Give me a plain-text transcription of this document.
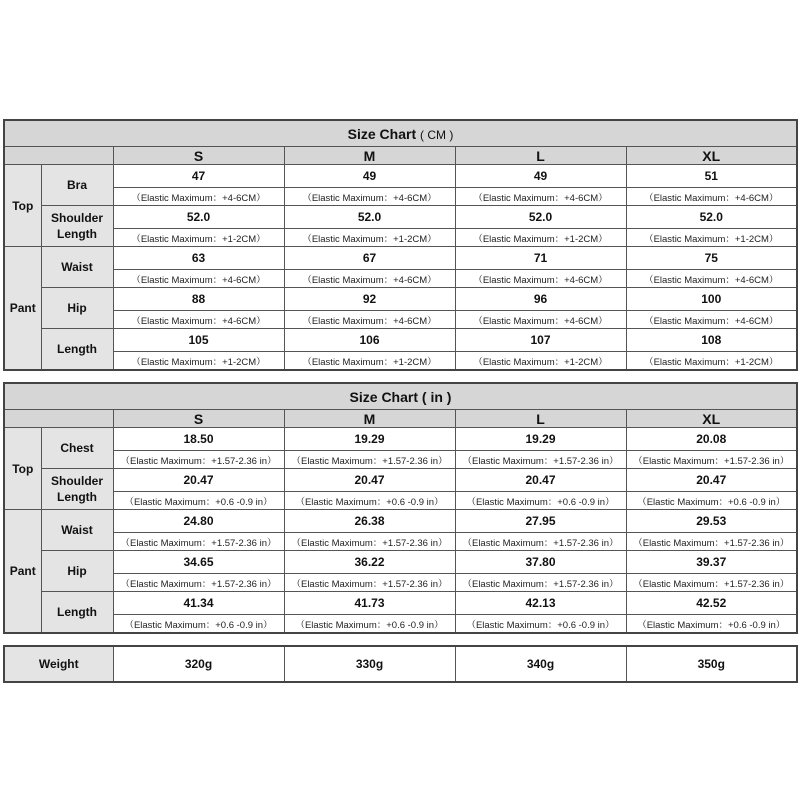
Size Chart ( CM )					
		S	M	L	XL
Top	Bra	47	49	49	51
		（Elastic Maximum：+4-6CM）	（Elastic Maximum：+4-6CM）	（Elastic Maximum：+4-6CM）	（Elastic Maximum：+4-6CM）
	Shoulder Length	52.0	52.0	52.0	52.0
		（Elastic Maximum：+1-2CM）	（Elastic Maximum：+1-2CM）	（Elastic Maximum：+1-2CM）	（Elastic Maximum：+1-2CM）
Pant	Waist	63	67	71	75
		（Elastic Maximum：+4-6CM）	（Elastic Maximum：+4-6CM）	（Elastic Maximum：+4-6CM）	（Elastic Maximum：+4-6CM）
	Hip	88	92	96	100
		（Elastic Maximum：+4-6CM）	（Elastic Maximum：+4-6CM）	（Elastic Maximum：+4-6CM）	（Elastic Maximum：+4-6CM）
	Length	105	106	107	108
		（Elastic Maximum：+1-2CM）	（Elastic Maximum：+1-2CM）	（Elastic Maximum：+1-2CM）	（Elastic Maximum：+1-2CM）
Size Chart ( in )					
		S	M	L	XL
Top	Chest	18.50	19.29	19.29	20.08
		（Elastic Maximum：+1.57-2.36 in）	（Elastic Maximum：+1.57-2.36 in）	（Elastic Maximum：+1.57-2.36 in）	（Elastic Maximum：+1.57-2.36 in）
	Shoulder Length	20.47	20.47	20.47	20.47
		（Elastic Maximum：+0.6 -0.9 in）	（Elastic Maximum：+0.6 -0.9 in）	（Elastic Maximum：+0.6 -0.9 in）	（Elastic Maximum：+0.6 -0.9 in）
Pant	Waist	24.80	26.38	27.95	29.53
		（Elastic Maximum：+1.57-2.36 in）	（Elastic Maximum：+1.57-2.36 in）	（Elastic Maximum：+1.57-2.36 in）	（Elastic Maximum：+1.57-2.36 in）
	Hip	34.65	36.22	37.80	39.37
		（Elastic Maximum：+1.57-2.36 in）	（Elastic Maximum：+1.57-2.36 in）	（Elastic Maximum：+1.57-2.36 in）	（Elastic Maximum：+1.57-2.36 in）
	Length	41.34	41.73	42.13	42.52
		（Elastic Maximum：+0.6 -0.9 in）	（Elastic Maximum：+0.6 -0.9 in）	（Elastic Maximum：+0.6 -0.9 in）	（Elastic Maximum：+0.6 -0.9 in）
Weight	320g	330g	340g	350g
